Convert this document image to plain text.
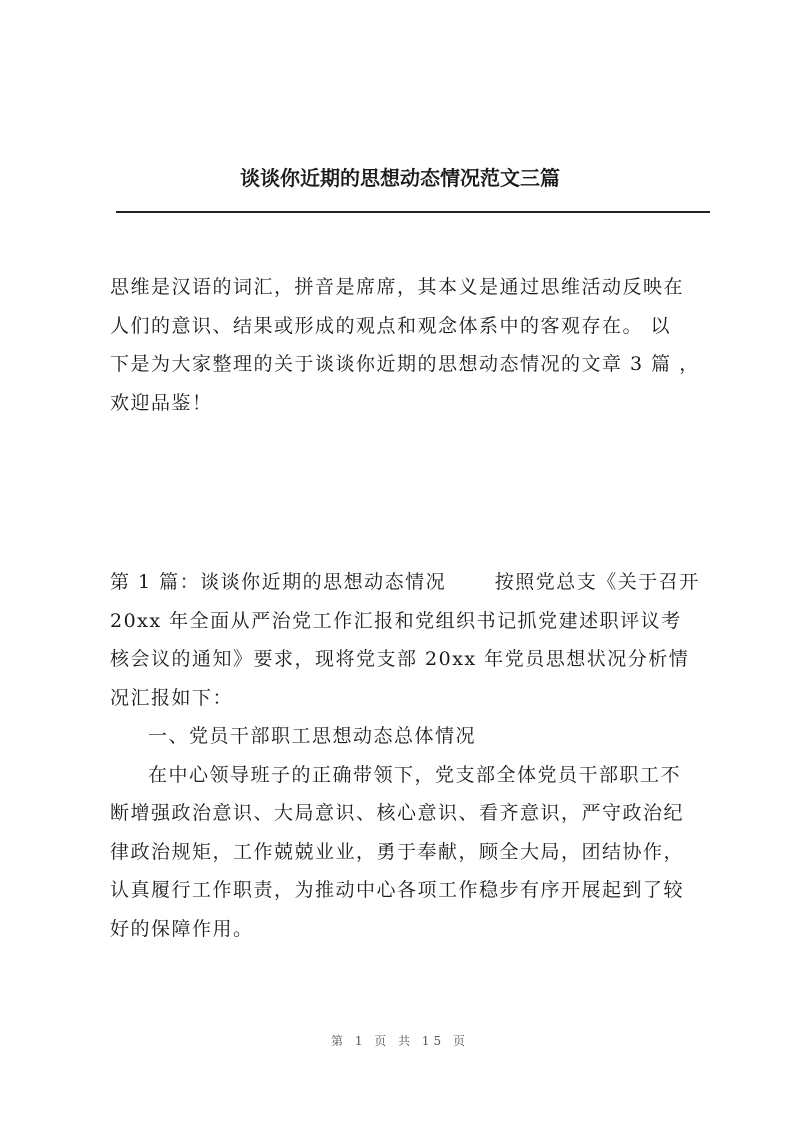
谈谈你近期的思想动态情况范文三篇

思维是汉语的词汇，拼音是席席，其本义是通过思维活动反映在
人们的意识、结果或形成的观点和观念体系中的客观存在。 以
下是为大家整理的关于谈谈你近期的思想动态情况的文章 3 篇 ，
欢迎品鉴！

第 1 篇：谈谈你近期的思想动态情况　　 按照党总支《关于召开
20xx 年全面从严治党工作汇报和党组织书记抓党建述职评议考
核会议的通知》要求，现将党支部 20xx 年党员思想状况分析情
况汇报如下：
一、党员干部职工思想动态总体情况
在中心领导班子的正确带领下，党支部全体党员干部职工不
断增强政治意识、大局意识、核心意识、看齐意识，严守政治纪
律政治规矩，工作兢兢业业，勇于奉献，顾全大局，团结协作，
认真履行工作职责，为推动中心各项工作稳步有序开展起到了较
好的保障作用。

第 1 页 共 15 页
